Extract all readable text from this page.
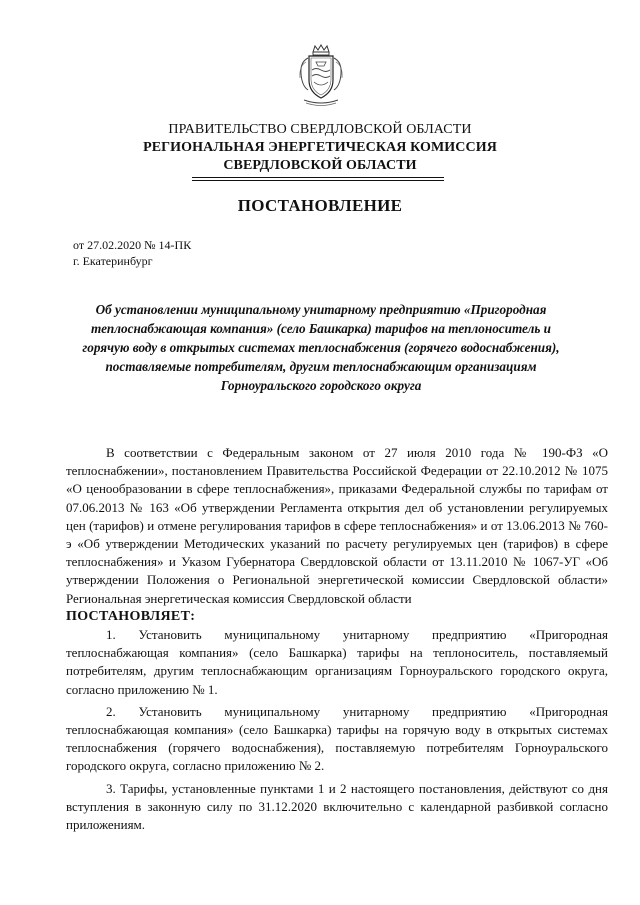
ПРАВИТЕЛЬСТВО СВЕРДЛОВСКОЙ ОБЛАСТИ
РЕГИОНАЛЬНАЯ ЭНЕРГЕТИЧЕСКАЯ КОМИССИЯ
СВЕРДЛОВСКОЙ ОБЛАСТИ
ПОСТАНОВЛЕНИЕ
от 27.02.2020 № 14-ПК
г. Екатеринбург
Об установлении муниципальному унитарному предприятию «Пригородная теплоснабжающая компания» (село Башкарка) тарифов на теплоноситель и горячую воду в открытых системах теплоснабжения (горячего водоснабжения), поставляемые потребителям, другим теплоснабжающим организациям Горноуральского городского округа

В соответствии с Федеральным законом от 27 июля 2010 года № 190-ФЗ «О теплоснабжении», постановлением Правительства Российской Федерации от 22.10.2012 № 1075 «О ценообразовании в сфере теплоснабжения», приказами Федеральной службы по тарифам от 07.06.2013 № 163 «Об утверждении Регламента открытия дел об установлении регулируемых цен (тарифов) и отмене регулирования тарифов в сфере теплоснабжения» и от 13.06.2013 № 760-э «Об утверждении Методических указаний по расчету регулируемых цен (тарифов) в сфере теплоснабжения» и Указом Губернатора Свердловской области от 13.11.2010 № 1067-УГ «Об утверждении Положения о Региональной энергетической комиссии Свердловской области» Региональная энергетическая комиссия Свердловской области

ПОСТАНОВЛЯЕТ:

1. Установить муниципальному унитарному предприятию «Пригородная теплоснабжающая компания» (село Башкарка) тарифы на теплоноситель, поставляемый потребителям, другим теплоснабжающим организациям Горноуральского городского округа, согласно приложению № 1.

2. Установить муниципальному унитарному предприятию «Пригородная теплоснабжающая компания» (село Башкарка) тарифы на горячую воду в открытых системах теплоснабжения (горячего водоснабжения), поставляемую потребителям Горноуральского городского округа, согласно приложению № 2.

3. Тарифы, установленные пунктами 1 и 2 настоящего постановления, действуют со дня вступления в законную силу по 31.12.2020 включительно с календарной разбивкой согласно приложениям.
